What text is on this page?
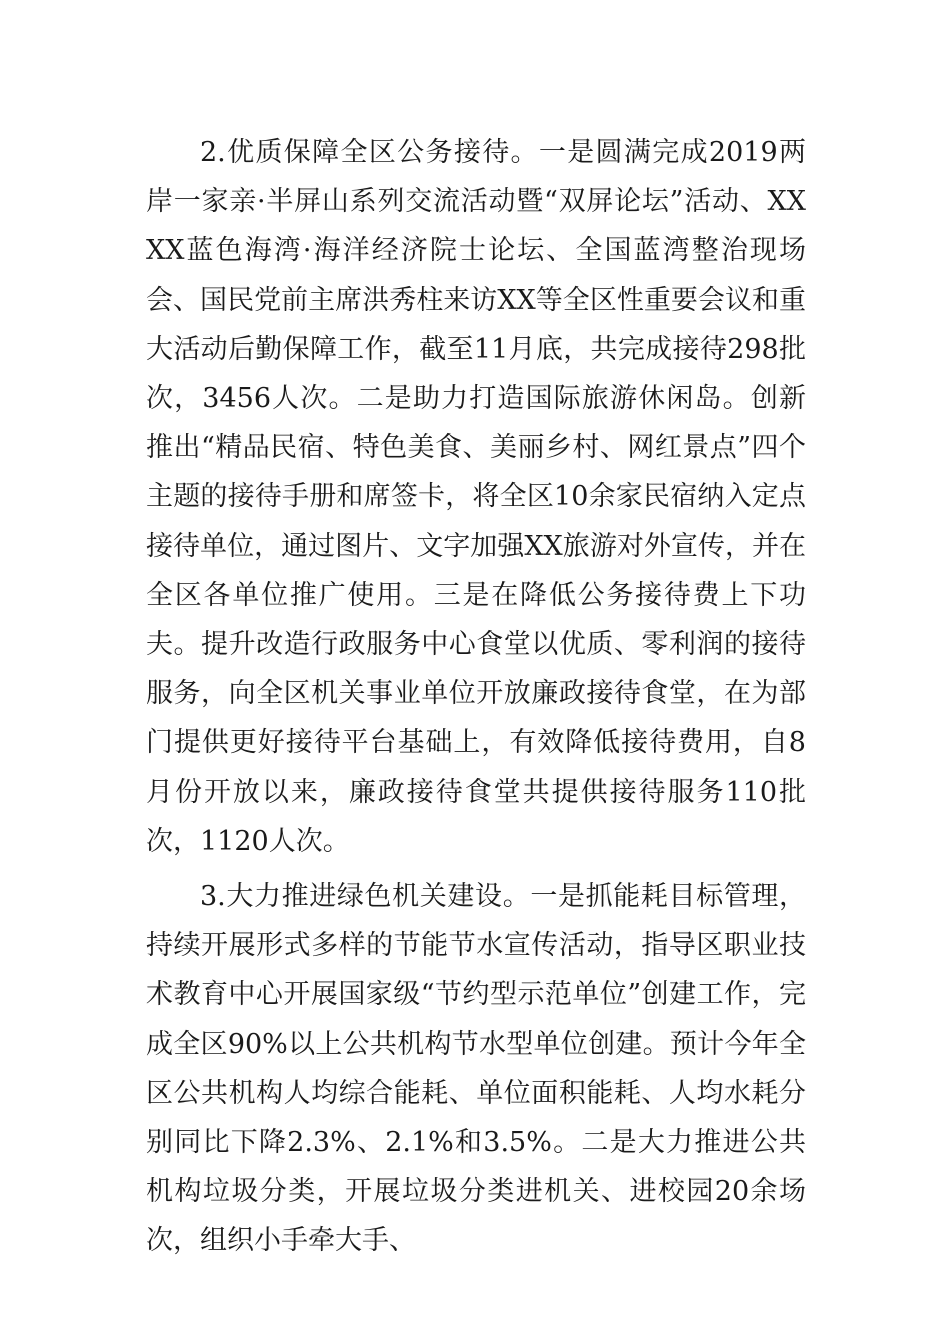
2.优质保障全区公务接待。一是圆满完成2019两岸一家亲·半屏山系列交流活动暨“双屏论坛”活动、XXXX蓝色海湾·海洋经济院士论坛、全国蓝湾整治现场会、国民党前主席洪秀柱来访XX等全区性重要会议和重大活动后勤保障工作，截至11月底，共完成接待298批次，3456人次。二是助力打造国际旅游休闲岛。创新推出“精品民宿、特色美食、美丽乡村、网红景点”四个主题的接待手册和席签卡，将全区10余家民宿纳入定点接待单位，通过图片、文字加强XX旅游对外宣传，并在全区各单位推广使用。三是在降低公务接待费上下功夫。提升改造行政服务中心食堂以优质、零利润的接待服务，向全区机关事业单位开放廉政接待食堂，在为部门提供更好接待平台基础上，有效降低接待费用，自8月份开放以来，廉政接待食堂共提供接待服务110批次，1120人次。

3.大力推进绿色机关建设。一是抓能耗目标管理，持续开展形式多样的节能节水宣传活动，指导区职业技术教育中心开展国家级“节约型示范单位”创建工作，完成全区90%以上公共机构节水型单位创建。预计今年全区公共机构人均综合能耗、单位面积能耗、人均水耗分别同比下降2.3%、2.1%和3.5%。二是大力推进公共机构垃圾分类，开展垃圾分类进机关、进校园20余场次，组织小手牵大手、
